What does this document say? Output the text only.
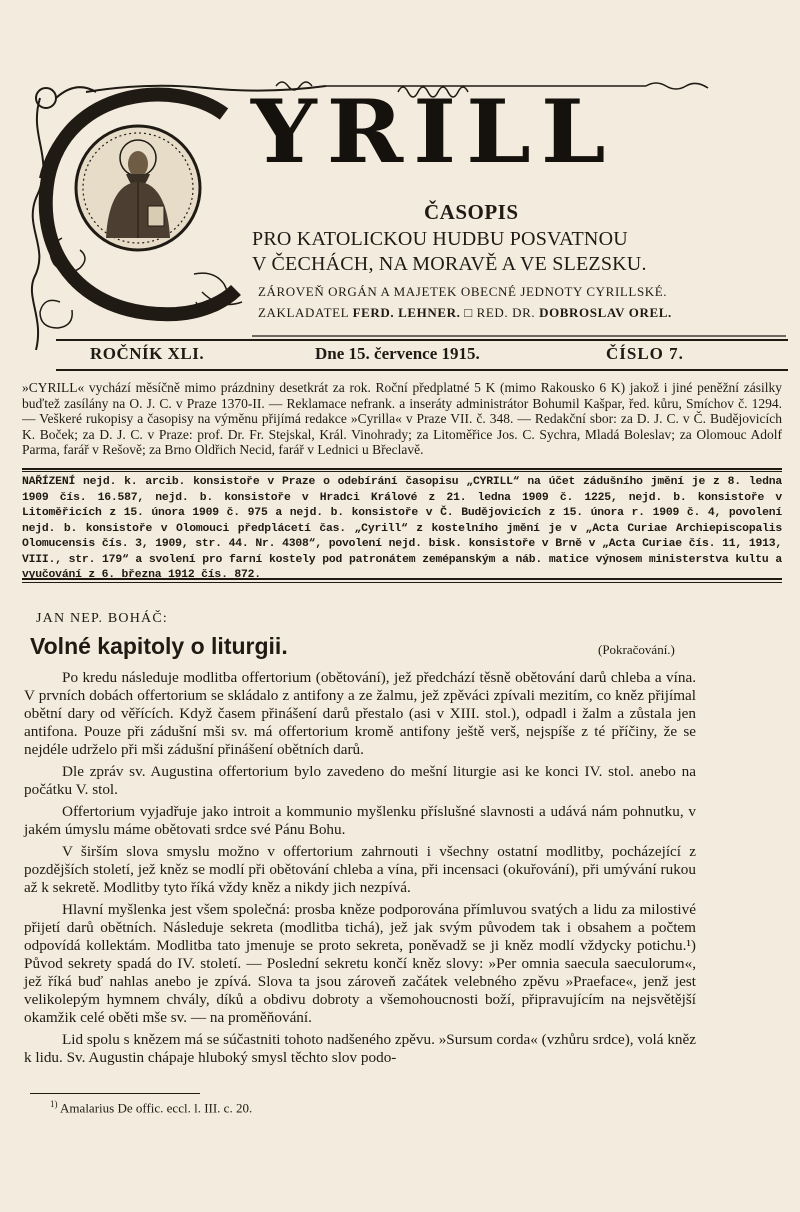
YRILL
ČASOPIS
PRO KATOLICKOU HUDBU POSVATNOU
V ČECHÁCH, NA MORAVĚ A VE SLEZSKU.
ZÁROVEŇ ORGÁN A MAJETEK OBECNÉ JEDNOTY CYRILLSKÉ.
ZAKLADATEL FERD. LEHNER. □ RED. DR. DOBROSLAV OREL.
ROČNÍK XLI.	Dne 15. července 1915.	ČÍSLO 7.
»CYRILL« vychází měsíčně mimo prázdniny desetkrát za rok. Roční předplatné 5 K (mimo Rakousko 6 K) jakož i jiné peněžní zásilky buďtež zasílány na O. J. C. v Praze 1370-II. — Reklamace nefrank. a inseráty administrátor Bohumil Kašpar, řed. kůru, Smíchov č. 1294. — Veškeré rukopisy a časopisy na výměnu přijímá redakce »Cyrilla« v Praze VII. č. 348. — Redakční sbor: za D. J. C. v Č. Budějovicích K. Boček; za D. J. C. v Praze: prof. Dr. Fr. Stejskal, Král. Vinohrady; za Litoměřice Jos. C. Sychra, Mladá Boleslav; za Olomouc Adolf Parma, farář v Rešově; za Brno Oldřich Necid, farář v Lednici u Břeclavě.
NAŘÍZENÍ nejd. k. arcib. konsistoře v Praze o odebírání časopisu „CYRILL“ na účet zádušního jmění je z 8. ledna 1909 čís. 16.587, nejd. b. konsistoře v Hradci Králové z 21. ledna 1909 č. 1225, nejd. b. konsistoře v Litoměřicích z 15. února 1909 č. 975 a nejd. b. konsistoře v Č. Budějovicích z 15. února r. 1909 č. 4, povolení nejd. b. konsistoře v Olomouci předplácetí čas. „Cyrill“ z kostelního jmění je v „Acta Curiae Archiepiscopalis Olomucensis čís. 3, 1909, str. 44. Nr. 4308“, povolení nejd. bisk. konsistoře v Brně v „Acta Curiae čís. 11, 1913, VIII., str. 179“ a svolení pro farní kostely pod patronátem zemépanským a náb. matice výnosem ministerstva kultu a vyučování z 6. března 1912 čís. 872.
JAN NEP. BOHÁČ:
Volné kapitoly o liturgii.	(Pokračování.)

Po kredu následuje modlitba offertorium (obětování), jež předchází těsně obětování darů chleba a vína. V prvních dobách offertorium se skládalo z antifony a ze žalmu, jež zpěváci zpívali mezitím, co kněz přijímal obětní dary od věřících. Když časem přinášení darů přestalo (asi v XIII. stol.), odpadl i žalm a zůstala jen antifona. Pouze při zádušní mši sv. má offertorium kromě antifony ještě verš, nejspíše z té příčiny, že se nejdéle udrželo při mši zádušní přinášení obětních darů.

Dle zpráv sv. Augustina offertorium bylo zavedeno do mešní liturgie asi ke konci IV. stol. anebo na počátku V. stol.

Offertorium vyjadřuje jako introit a kommunio myšlenku příslušné slavnosti a udává nám pohnutku, v jakém úmyslu máme obětovati srdce své Pánu Bohu.

V širším slova smyslu možno v offertorium zahrnouti i všechny ostatní modlitby, pocházející z pozdějších století, jež kněz se modlí při obětování chleba a vína, při incensaci (okuřování), při umývání rukou až k sekretě. Modlitby tyto říká vždy kněz a nikdy jich nezpívá.

Hlavní myšlenka jest všem společná: prosba kněze podporována přímluvou svatých a lidu za milostivé přijetí darů obětních. Následuje sekreta (modlitba tichá), jež jak svým původem tak i obsahem a počtem odpovídá kollektám. Modlitba tato jmenuje se proto sekreta, poněvadž se ji kněz modlí vždycky potichu.¹) Původ sekrety spadá do IV. století. — Poslední sekretu končí kněz slovy: »Per omnia saecula saeculorum«, jež říká buď nahlas anebo je zpívá. Slova ta jsou zároveň začátek velebného zpěvu »Praeface«, jenž jest velikolepým hymnem chvály, díků a obdivu dobroty a všemohoucnosti boží, připravujícím na nejsvětější okamžik celé oběti mše sv. — na proměňování.

Lid spolu s knězem má se súčastniti tohoto nadšeného zpěvu. »Sursum corda« (vzhůru srdce), volá kněz k lidu. Sv. Augustin chápaje hluboký smysl těchto slov podo-

$^{1)}$ Amalarius De offic. eccl. l. III. c. 20.
